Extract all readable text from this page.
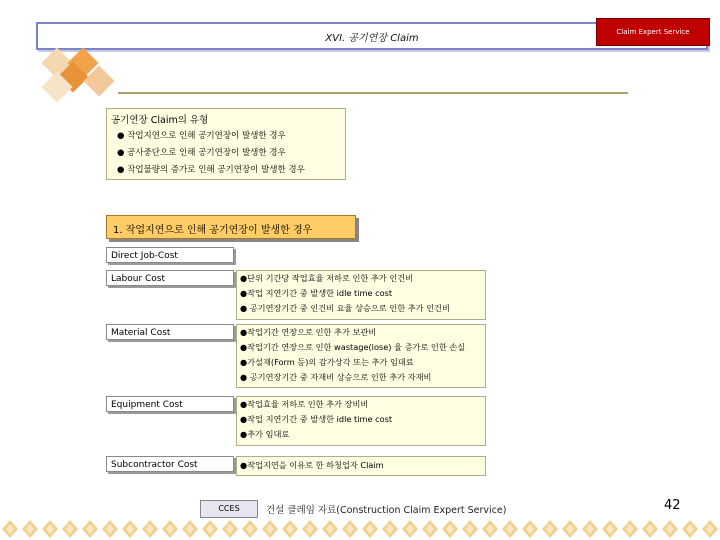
XVI. 공기연장 Claim
Claim Expert Service
공기연장 Claim의 유형
● 작업지연으로 인해 공기연장이 발생한 경우
● 공사중단으로 인해 공기연장이 발생한 경우
● 작업물량의 증가로 인해 공기연장이 발생한 경우
1. 작업지연으로 인해 공기연장이 발생한 경우
Direct Job-Cost
Labour Cost	●단위 기간당 작업효율 저하로 인한 추가 인건비
●작업 지연기간 중 발생한 idle time cost
● 공기연장기간 중 인건비 요율 상승으로 인한 추가 인건비
Material Cost	●작업기간 연장으로 인한 추가 보관비
●작업기간 연장으로 인한 wastage(lose) 율 증가로 인한 손실
●가설재(Form 등)의 감가상각 또는 추가 임대료
● 공기연장기간 중 자재비 상승으로 인한 추가 자재비
Equipment Cost	●작업효율 저하로 인한 추가 장비비
●작업 지연기간 중 발생한 idle time cost
●추가 임대료
Subcontractor Cost	●작업지연을 이유로 한 하청업자 Claim
CCES	건설 클레임 자료(Construction Claim Expert Service)	42
